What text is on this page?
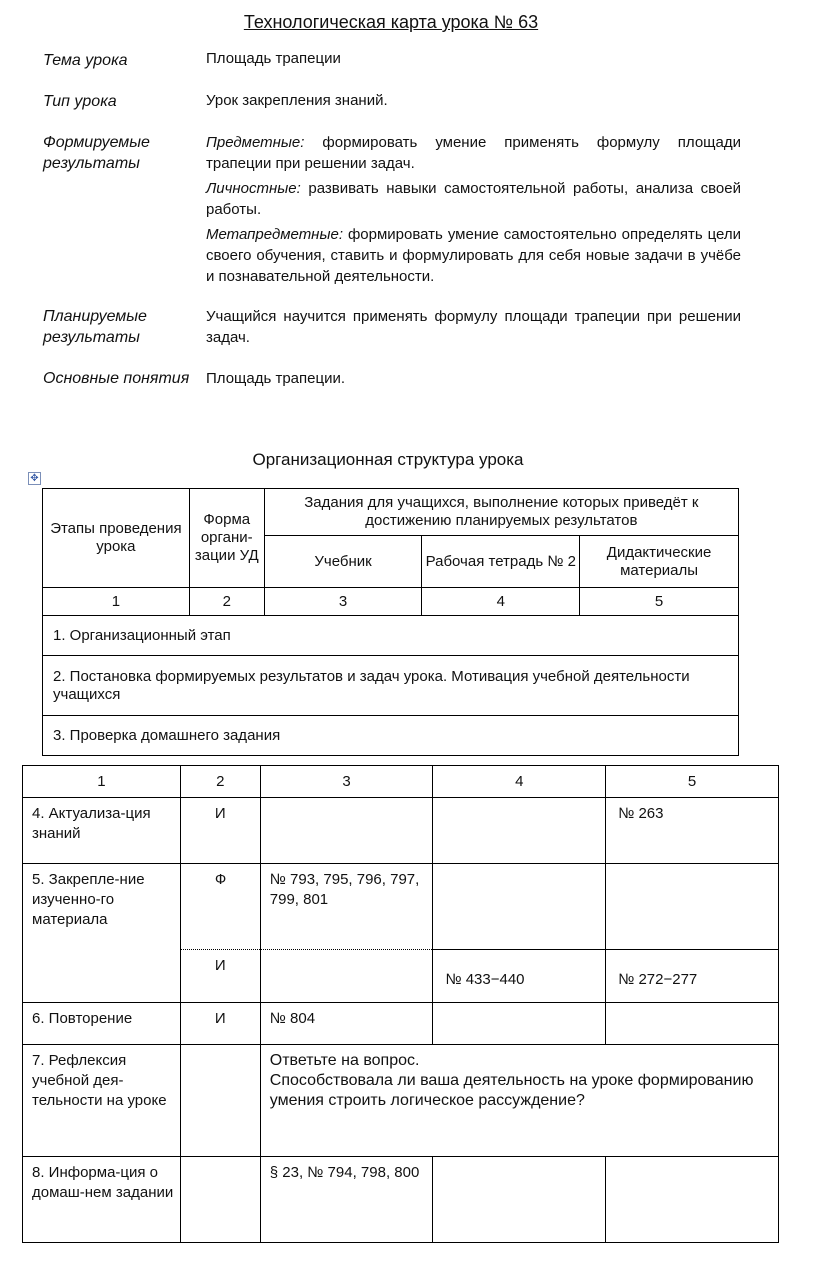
Технологическая карта урока № 63
Тема урока	Площадь трапеции
Тип урока	Урок закрепления знаний.
Формируемые результаты

Предметные: формировать умение применять формулу площади трапеции при решении задач.

Личностные: развивать навыки самостоятельной работы, анализа своей работы.

Метапредметные: формировать умение самостоятельно определять цели своего обучения, ставить и формулировать для себя новые задачи в учёбе и познавательной деятельности.

Планируемые результаты
Учащийся научится применять формулу площади трапеции при решении задач.
Основные понятия Площадь трапеции.
Организационная структура урока
✥
Этапы проведения урока	Форма органи-зации УД	Задания для учащихся, выполнение которых приведёт к достижению планируемых результатов		
		Учебник	Рабочая тетрадь № 2	Дидактические материалы
1	2	3	4	5
1. Организационный этап				
2. Постановка формируемых результатов и задач урока. Мотивация учебной деятельности учащихся				
3. Проверка домашнего задания				
1	2	3	4	5
4. Актуализа-ция знаний	И			№ 263
5. Закрепле-ние изученно-го материала	Ф	№ 793, 795, 796, 797, 799, 801		
	И		№ 433−440	№ 272−277
6. Повторение	И	№ 804		
7. Рефлексия учебной дея-тельности на уроке		Ответьте на вопрос.
Способствовала ли ваша деятельность на уроке формированию умения строить логическое рассуждение?		

8. Информа-ция о домаш-нем задании		§ 23, № 794, 798, 800		
